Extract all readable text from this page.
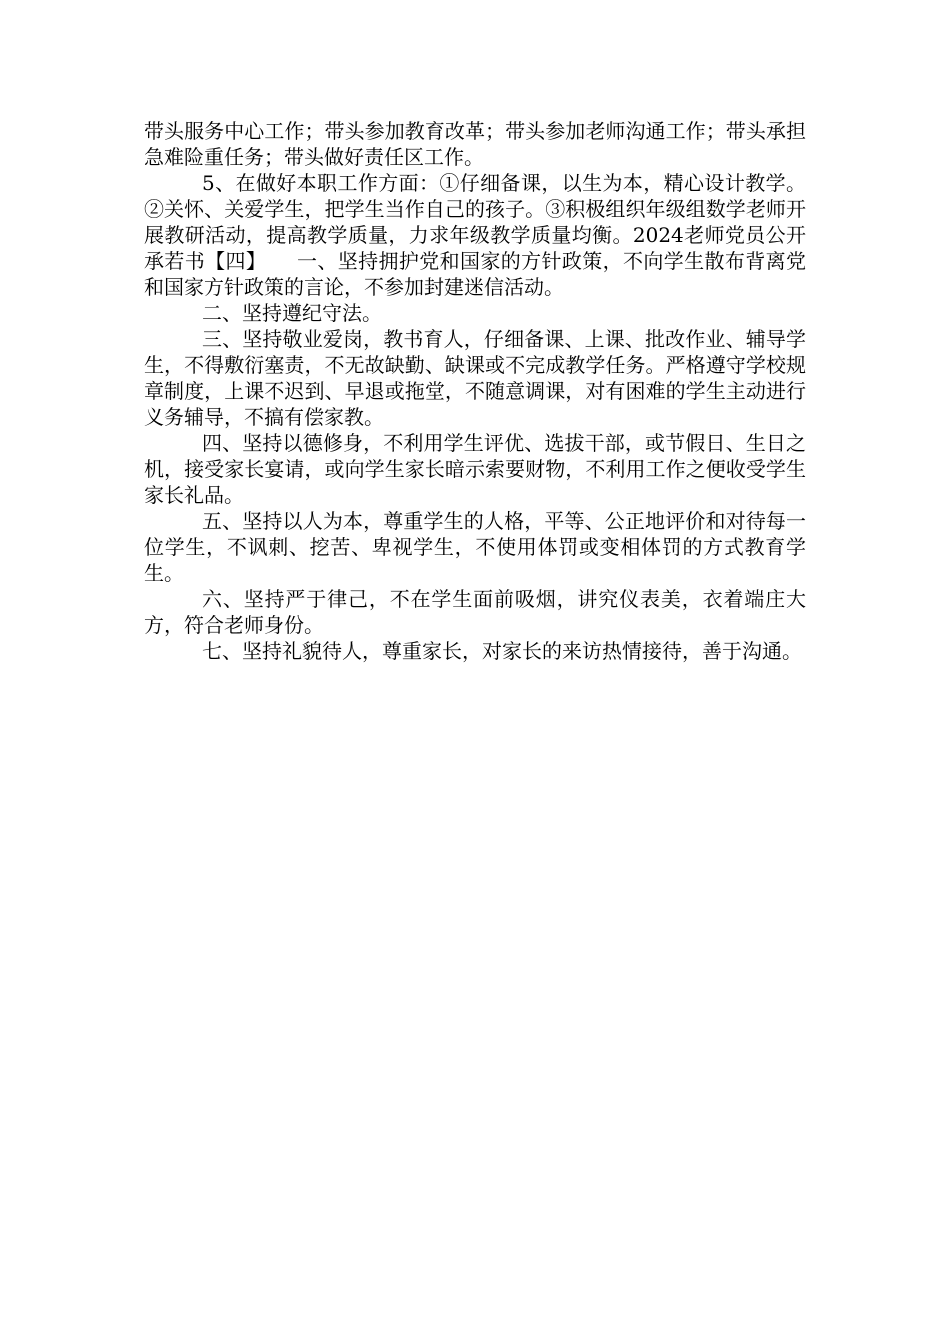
带头服务中心工作；带头参加教育改革；带头参加老师沟通工作；带头承担急难险重任务；带头做好责任区工作。

5、在做好本职工作方面：①仔细备课，以生为本，精心设计教学。②关怀、关爱学生，把学生当作自己的孩子。③积极组织年级组数学老师开展教研活动，提高教学质量，力求年级教学质量均衡。2024老师党员公开承若书【四】　　一、坚持拥护党和国家的方针政策，不向学生散布背离党和国家方针政策的言论，不参加封建迷信活动。

二、坚持遵纪守法。

三、坚持敬业爱岗，教书育人，仔细备课、上课、批改作业、辅导学生，不得敷衍塞责，不无故缺勤、缺课或不完成教学任务。严格遵守学校规章制度，上课不迟到、早退或拖堂，不随意调课，对有困难的学生主动进行义务辅导，不搞有偿家教。

四、坚持以德修身，不利用学生评优、选拔干部，或节假日、生日之机，接受家长宴请，或向学生家长暗示索要财物，不利用工作之便收受学生家长礼品。

五、坚持以人为本，尊重学生的人格，平等、公正地评价和对待每一位学生，不讽刺、挖苦、卑视学生，不使用体罚或变相体罚的方式教育学生。

六、坚持严于律己，不在学生面前吸烟，讲究仪表美，衣着端庄大方，符合老师身份。

七、坚持礼貌待人，尊重家长，对家长的来访热情接待，善于沟通。
